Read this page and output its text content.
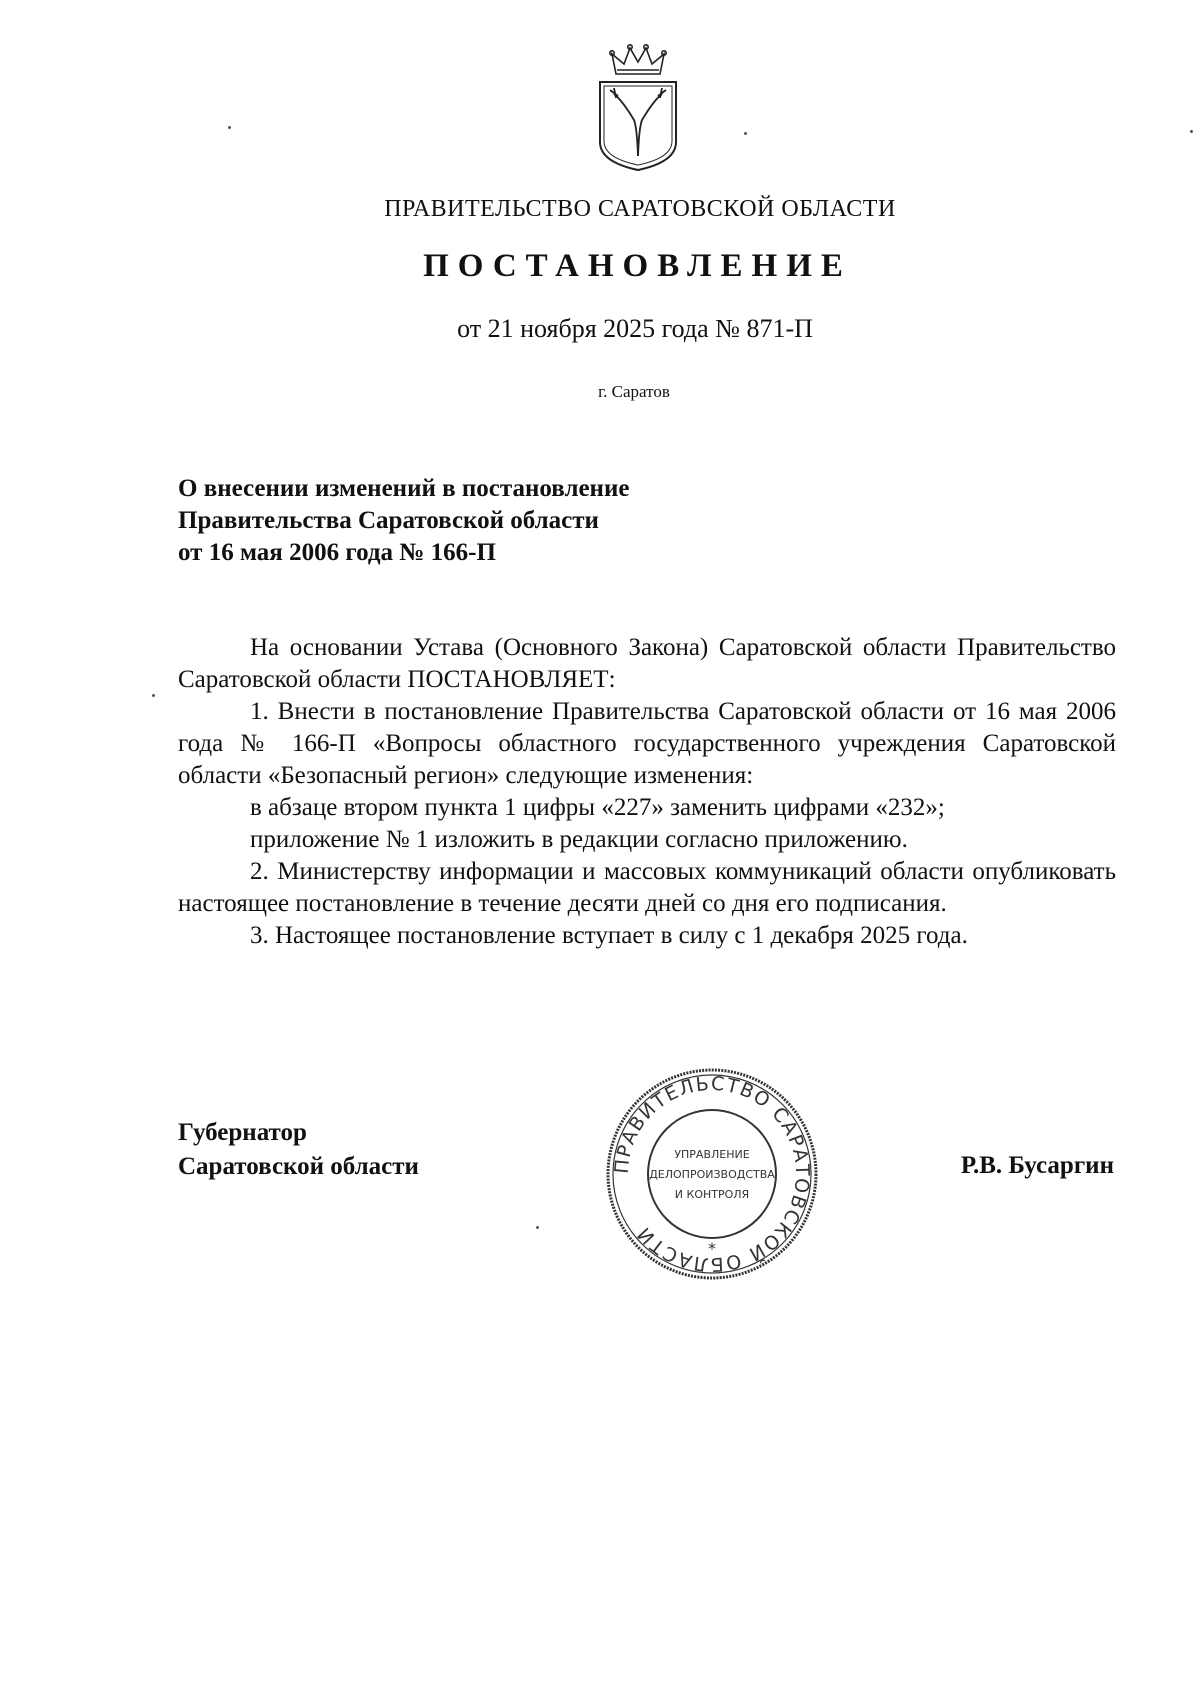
ПРАВИТЕЛЬСТВО САРАТОВСКОЙ ОБЛАСТИ
ПОСТАНОВЛЕНИЕ
от 21 ноября 2025 года № 871-П
г. Саратов
О внесении изменений в постановление
Правительства Саратовской области
от 16 мая 2006 года № 166-П

На основании Устава (Основного Закона) Саратовской области Правительство Саратовской области ПОСТАНОВЛЯЕТ:

1. Внести в постановление Правительства Саратовской области от 16 мая 2006 года № 166-П «Вопросы областного государственного учреждения Саратовской области «Безопасный регион» следующие изменения:

в абзаце втором пункта 1 цифры «227» заменить цифрами «232»;

приложение № 1 изложить в редакции согласно приложению.

2. Министерству информации и массовых коммуникаций области опубликовать настоящее постановление в течение десяти дней со дня его подписания.

3. Настоящее постановление вступает в силу с 1 декабря 2025 года.

Губернатор
Саратовской области	Р.В. Бусаргин
ПРАВИТЕЛЬСТВО САРАТОВСКОЙ ОБЛАСТИ
*
УПРАВЛЕНИЕ
ДЕЛОПРОИЗВОДСТВА
И КОНТРОЛЯ
